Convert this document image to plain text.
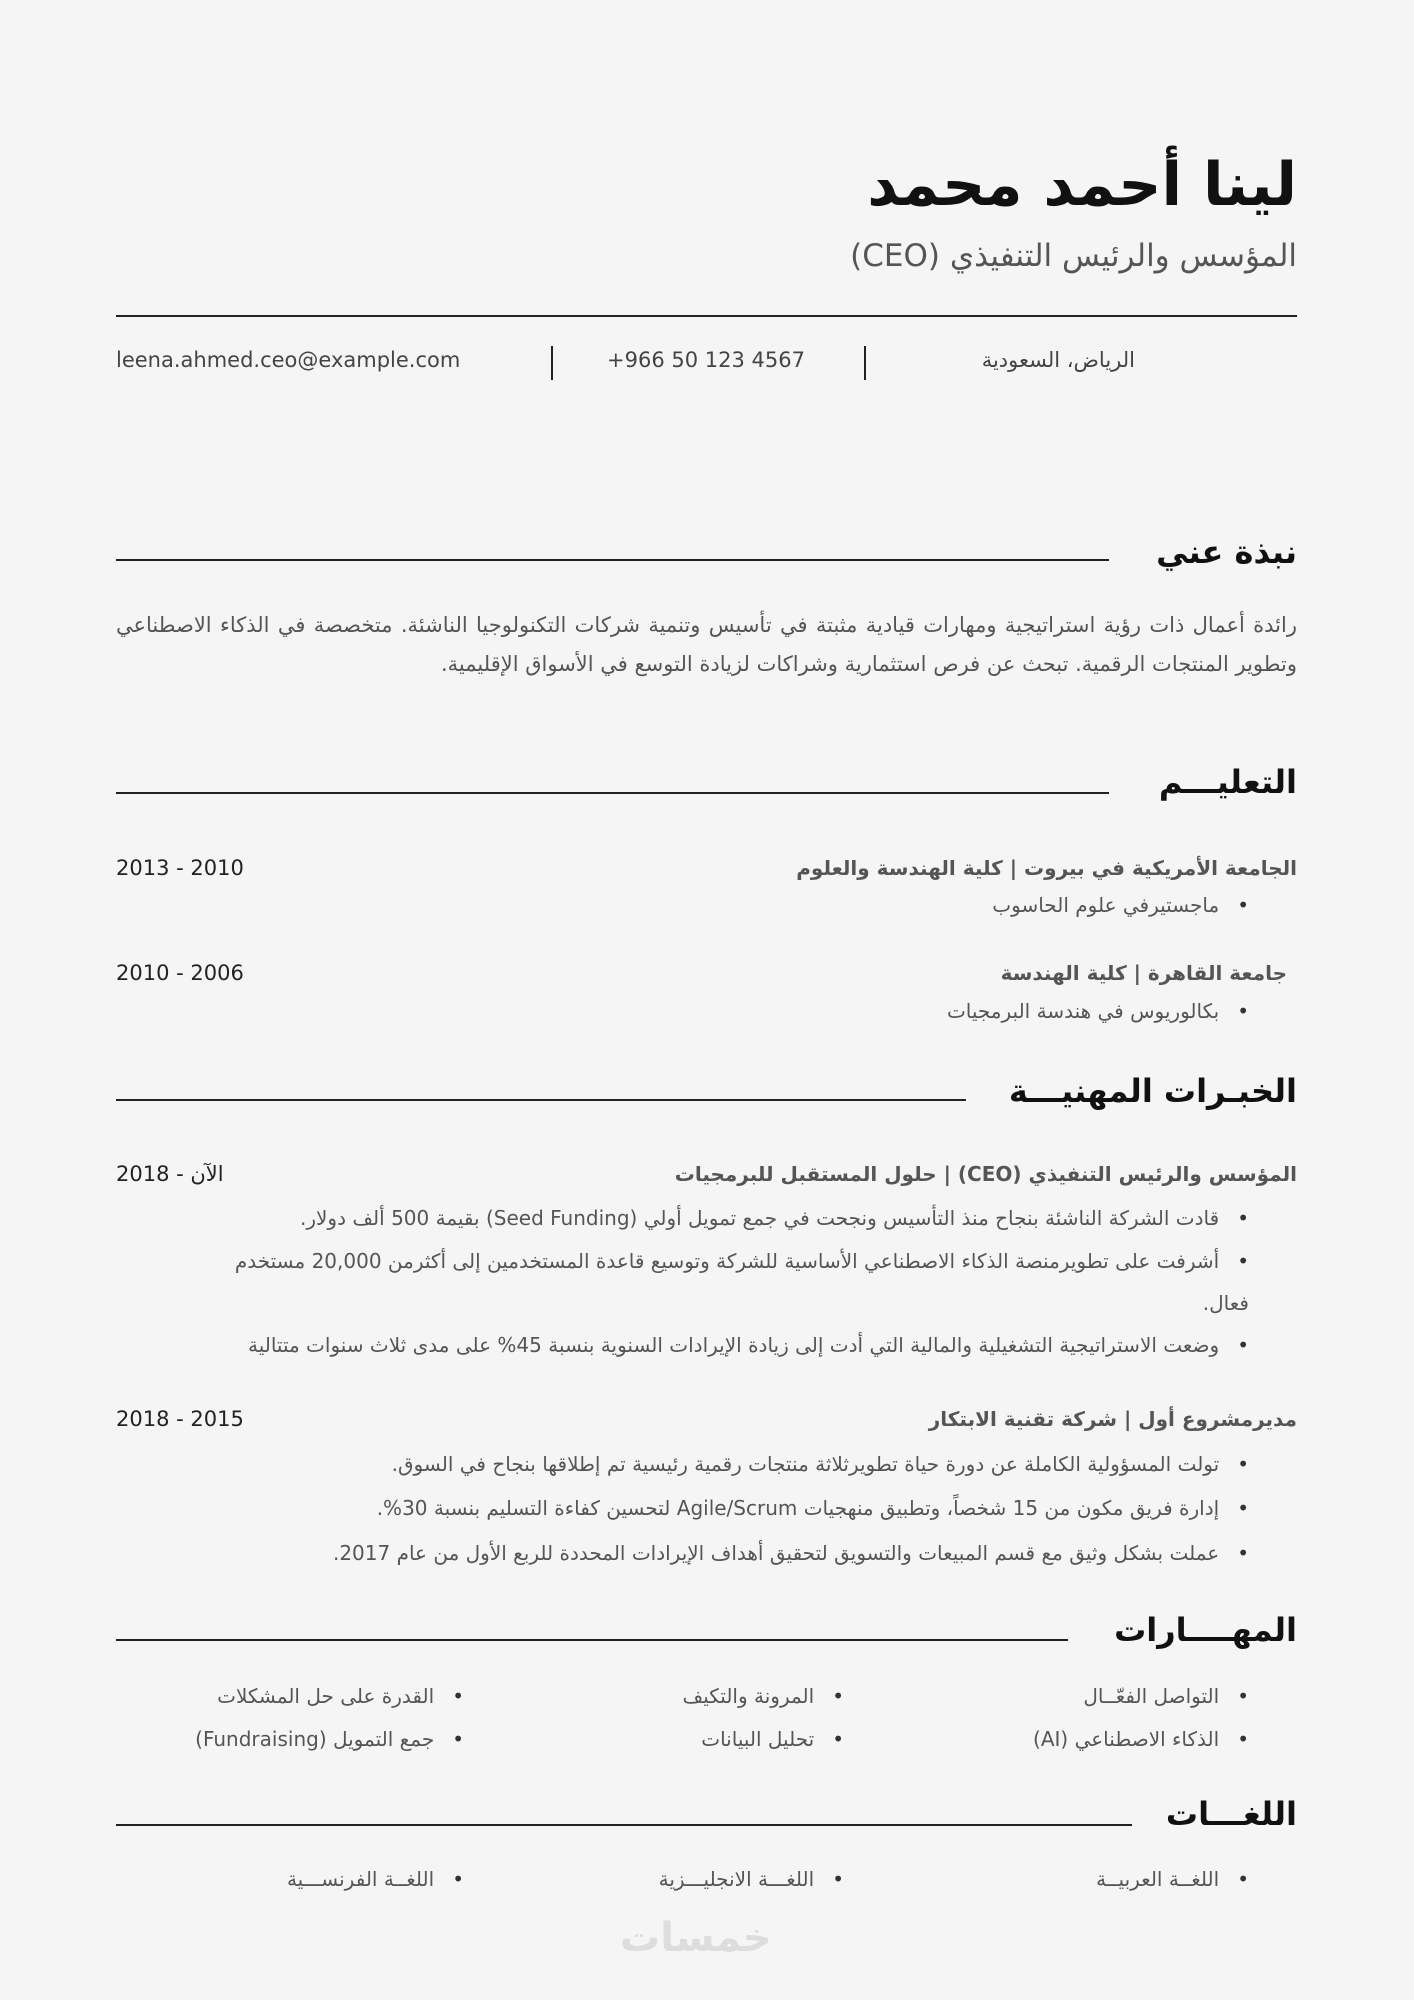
لينا أحمد محمد
المؤسس والرئيس التنفيذي (CEO)
leena.ahmed.ceo@example.com	+966 50 123 4567	الرياض، السعودية
نبذة عني
رائدة أعمال ذات رؤية استراتيجية ومهارات قيادية مثبتة في تأسيس وتنمية شركات التكنولوجيا الناشئة. متخصصة في الذكاء الاصطناعي وتطوير المنتجات الرقمية. تبحث عن فرص استثمارية وشراكات لزيادة التوسع في الأسواق الإقليمية.
التعليـــم
الجامعة الأمريكية في بيروت | كلية الهندسة والعلوم
2013 - 2010
• ماجستيرفي علوم الحاسوب
جامعة القاهرة | كلية الهندسة
2010 - 2006
• بكالوريوس في هندسة البرمجيات
الخبـرات المهنيـــة
المؤسس والرئيس التنفيذي (CEO) | حلول المستقبل للبرمجيات
2018 - الآن
• قادت الشركة الناشئة بنجاح منذ التأسيس ونجحت في جمع تمويل أولي (Seed Funding) بقيمة 500 ألف دولار.
• أشرفت على تطويرمنصة الذكاء الاصطناعي الأساسية للشركة وتوسيع قاعدة المستخدمين إلى أكثرمن 20,000 مستخدم فعال.
• وضعت الاستراتيجية التشغيلية والمالية التي أدت إلى زيادة الإيرادات السنوية بنسبة 45% على مدى ثلاث سنوات متتالية
مديرمشروع أول | شركة تقنية الابتكار
2018 - 2015
• تولت المسؤولية الكاملة عن دورة حياة تطويرثلاثة منتجات رقمية رئيسية تم إطلاقها بنجاح في السوق.
• إدارة فريق مكون من 15 شخصاً، وتطبيق منهجيات Agile/Scrum لتحسين كفاءة التسليم بنسبة 30%.
• عملت بشكل وثيق مع قسم المبيعات والتسويق لتحقيق أهداف الإيرادات المحددة للربع الأول من عام 2017.
المهــــارات
• التواصل الفعّــال
• المرونة والتكيف
• القدرة على حل المشكلات
• الذكاء الاصطناعي (AI)
• تحليل البيانات
• جمع التمويل (Fundraising)
اللغـــات
• اللغــة العربيــة
• اللغـــة الانجليـــزية
• اللغــة الفرنســـية
خمسات
